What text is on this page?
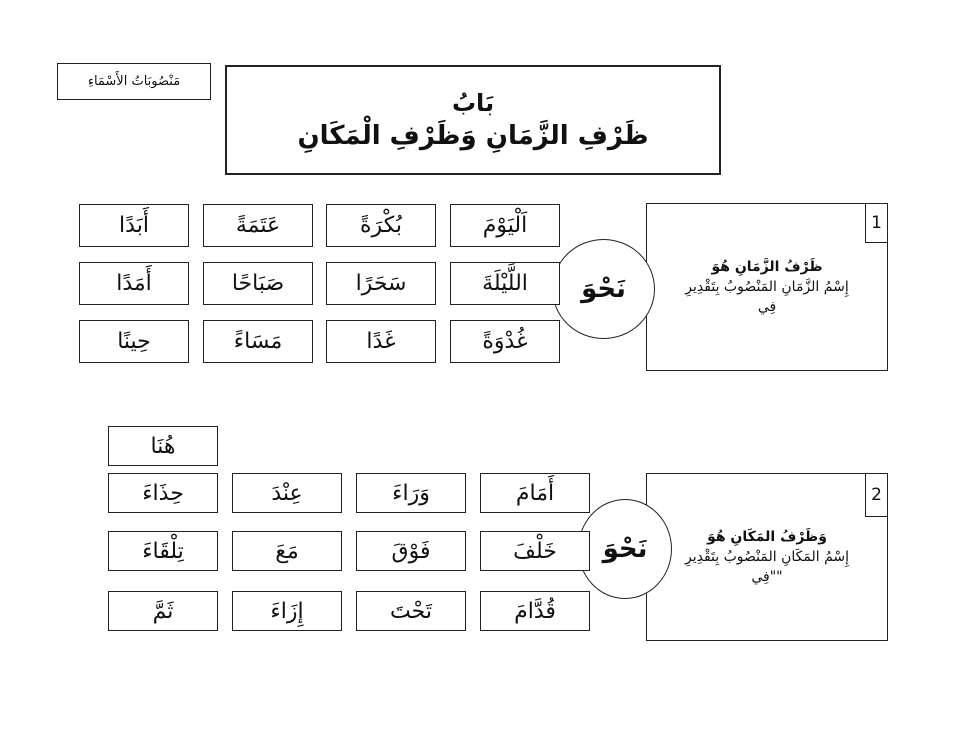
مَنْصُوبَاتُ الأَسْمَاءِ
بَابُ
ظَرْفِ الزَّمَانِ وَظَرْفِ الْمَكَانِ
ظَرْفُ الزَّمَانِ هُوَ
إِسْمُ الزَّمَانِ المَنْصُوبُ بِتَقْدِيرِ
فِي
1
نَحْوَ
اَلْيَوْمَ
بُكْرَةً
عَتَمَةً
أَبَدًا
اللَّيْلَةَ
سَحَرًا
صَبَاحًا
أَمَدًا
غُدْوَةً
غَدًا
مَسَاءً
حِينًا
هُنَا
وَظَرْفُ المَكَانِ هُوَ
إِسْمُ المَكَانِ المَنْصُوبُ بِتَقْدِيرِ
""فِي
2
نَحْوَ
أَمَامَ
وَرَاءَ
عِنْدَ
حِذَاءَ
خَلْفَ
فَوْقَ
مَعَ
تِلْقَاءَ
قُدَّامَ
تَحْتَ
إِزَاءَ
ثَمَّ
